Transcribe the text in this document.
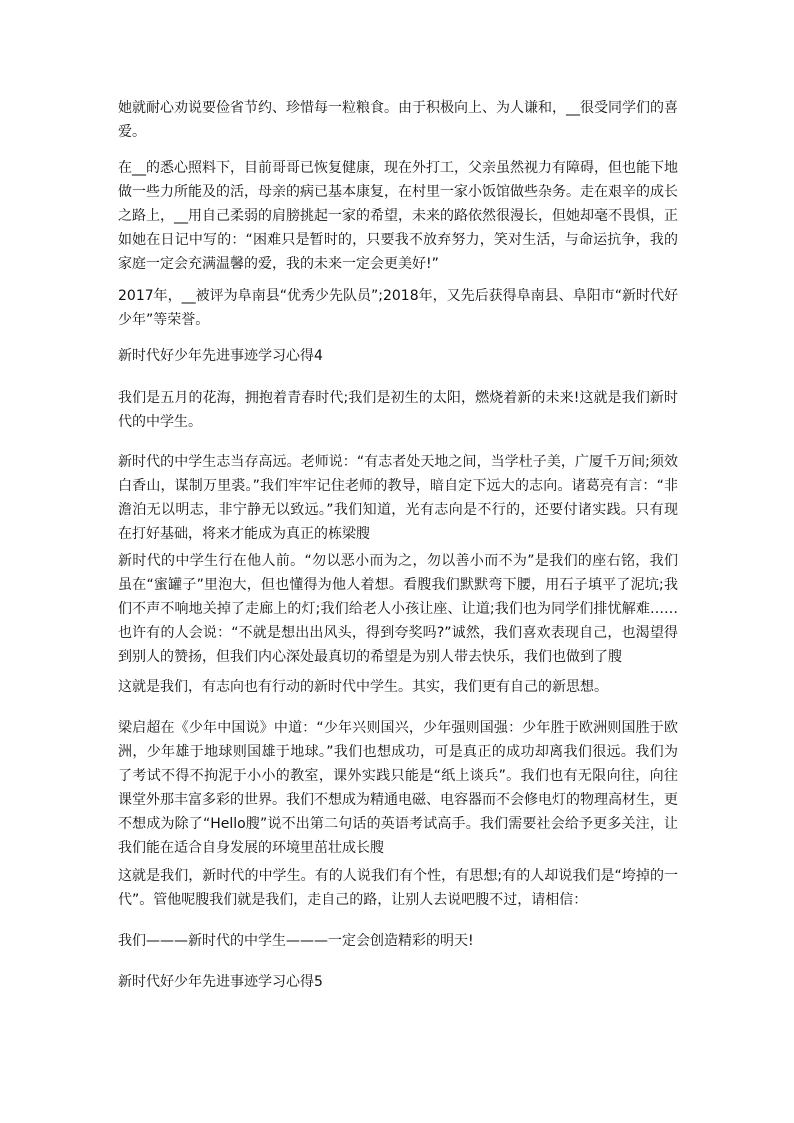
她就耐心劝说要俭省节约、珍惜每一粒粮食。由于积极向上、为人谦和，__很受同学们的喜爱。

在__的悉心照料下，目前哥哥已恢复健康，现在外打工，父亲虽然视力有障碍，但也能下地做一些力所能及的活，母亲的病已基本康复，在村里一家小饭馆做些杂务。走在艰辛的成长之路上，__用自己柔弱的肩膀挑起一家的希望，未来的路依然很漫长，但她却毫不畏惧，正如她在日记中写的：“困难只是暂时的，只要我不放弃努力，笑对生活，与命运抗争，我的家庭一定会充满温馨的爱，我的未来一定会更美好!”

2017年，__被评为阜南县“优秀少先队员”;2018年，又先后获得阜南县、阜阳市“新时代好少年”等荣誉。

新时代好少年先进事迹学习心得4

我们是五月的花海，拥抱着青春时代;我们是初生的太阳，燃烧着新的未来!这就是我们新时代的中学生。

新时代的中学生志当存高远。老师说：“有志者处天地之间，当学杜子美，广厦千万间;须效白香山，谋制万里裘。”我们牢牢记住老师的教导，暗自定下远大的志向。诸葛亮有言：“非澹泊无以明志，非宁静无以致远。”我们知道，光有志向是不行的，还要付诸实践。只有现在打好基础，将来才能成为真正的栋梁膄

新时代的中学生行在他人前。“勿以恶小而为之，勿以善小而不为”是我们的座右铭，我们虽在“蜜罐子”里泡大，但也懂得为他人着想。看膄我们默默弯下腰，用石子填平了泥坑;我们不声不响地关掉了走廊上的灯;我们给老人小孩让座、让道;我们也为同学们排忧解难……也许有的人会说：“不就是想出出风头，得到夸奖吗?”诚然，我们喜欢表现自己，也渴望得到别人的赞扬，但我们内心深处最真切的希望是为别人带去快乐，我们也做到了膄

这就是我们，有志向也有行动的新时代中学生。其实，我们更有自己的新思想。

梁启超在《少年中国说》中道：“少年兴则国兴，少年强则国强：少年胜于欧洲则国胜于欧洲，少年雄于地球则国雄于地球。”我们也想成功，可是真正的成功却离我们很远。我们为了考试不得不拘泥于小小的教室，课外实践只能是“纸上谈兵”。我们也有无限向往，向往课堂外那丰富多彩的世界。我们不想成为精通电磁、电容器而不会修电灯的物理高材生，更不想成为除了“Hello膄”说不出第二句话的英语考试高手。我们需要社会给予更多关注，让我们能在适合自身发展的环境里茁壮成长膄

这就是我们，新时代的中学生。有的人说我们有个性，有思想;有的人却说我们是“垮掉的一代”。管他呢膄我们就是我们，走自己的路，让别人去说吧膄不过，请相信：

我们———新时代的中学生———一定会创造精彩的明天!

新时代好少年先进事迹学习心得5
